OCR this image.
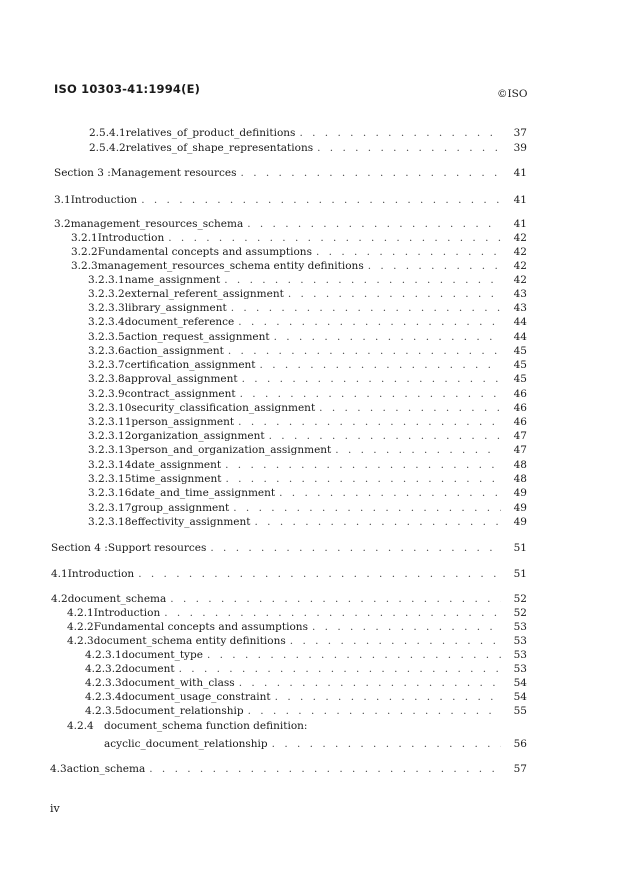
ISO 10303-41:1994(E)	©ISO
2.5.4.1 relatives_of_product_definitions . . .	37
2.5.4.2 relatives_of_shape_representations . . .	39
Section 3 : Management resources . . .	41
3.1 Introduction . . .	41
3.2 management_resources_schema . . .	41
3.2.1 Introduction . . .	42
3.2.2 Fundamental concepts and assumptions . . .	42
3.2.3 management_resources_schema entity definitions . . .	42
3.2.3.1 name_assignment . . .	42
3.2.3.2 external_referent_assignment . . .	43
3.2.3.3 library_assignment . . .	43
3.2.3.4 document_reference . . .	44
3.2.3.5 action_request_assignment . . .	44
3.2.3.6 action_assignment . . .	45
3.2.3.7 certification_assignment . . .	45
3.2.3.8 approval_assignment . . .	45
3.2.3.9 contract_assignment . . .	46
3.2.3.10 security_classification_assignment . . .	46
3.2.3.11 person_assignment . . .	46
3.2.3.12 organization_assignment . . .	47
3.2.3.13 person_and_organization_assignment . . .	47
3.2.3.14 date_assignment . . .	48
3.2.3.15 time_assignment . . .	48
3.2.3.16 date_and_time_assignment . . .	49
3.2.3.17 group_assignment . . .	49
3.2.3.18 effectivity_assignment . . .	49
Section 4 : Support resources . . .	51
4.1 Introduction . . .	51
4.2 document_schema . . .	52
4.2.1 Introduction . . .	52
4.2.2 Fundamental concepts and assumptions . . .	53
4.2.3 document_schema entity definitions . . .	53
4.2.3.1 document_type . . .	53
4.2.3.2 document . . .	53
4.2.3.3 document_with_class . . .	54
4.2.3.4 document_usage_constraint . . .	54
4.2.3.5 document_relationship . . .	55
4.2.4 document_schema function definition:
acyclic_document_relationship . . .	56
4.3 action_schema . . .	57
iv
